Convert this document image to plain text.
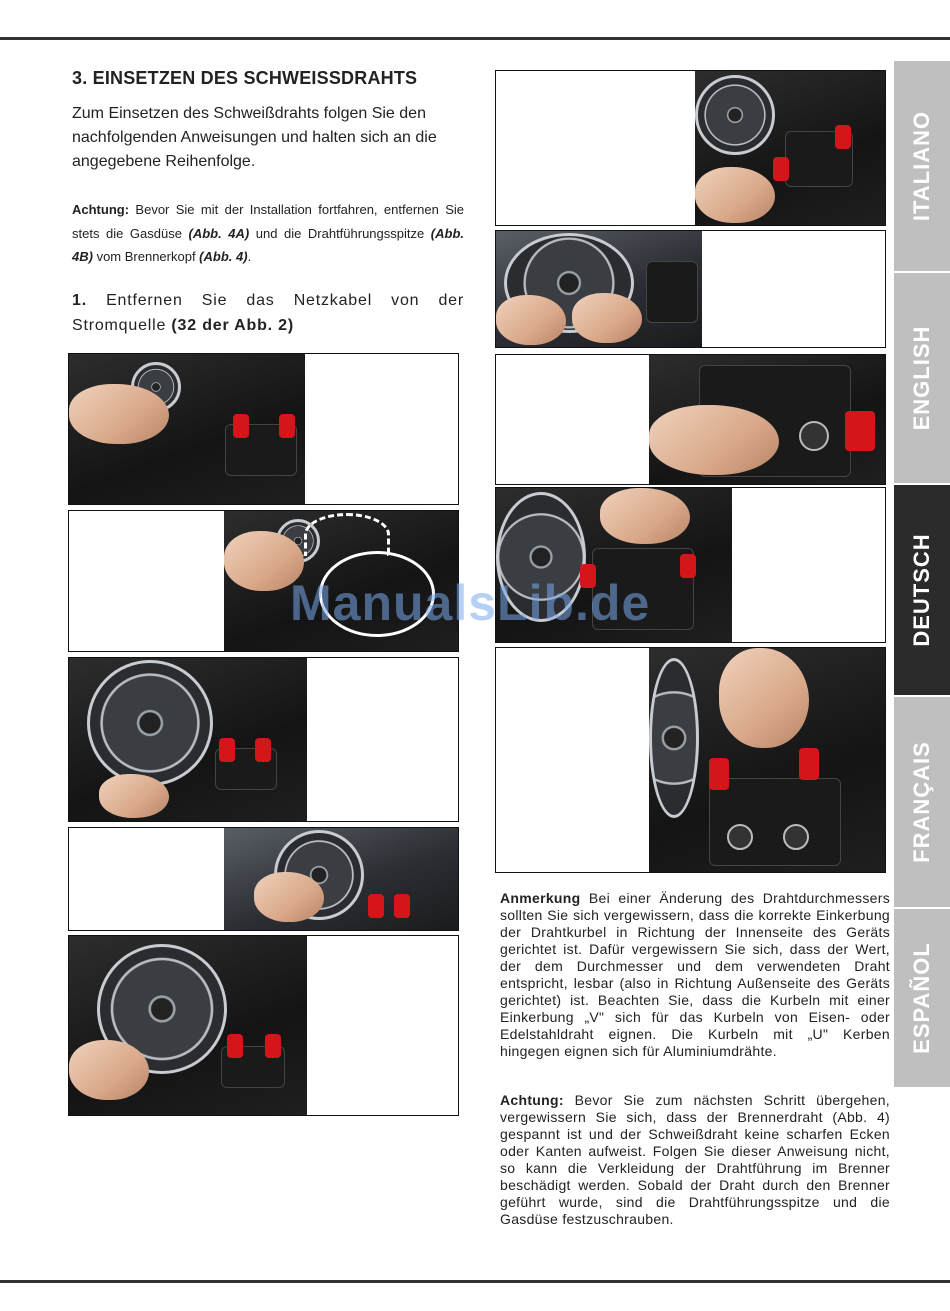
3. EINSETZEN DES SCHWEISSDRAHTS
Zum Einsetzen des Schweißdrahts folgen Sie den nachfolgenden Anweisungen und halten sich an die angegebene Reihenfolge.
Achtung: Bevor Sie mit der Installation fortfahren, entfernen Sie stets die Gasdüse (Abb. 4A) und die Drahtführungsspitze (Abb. 4B) vom Brennerkopf (Abb. 4).
1. Entfernen Sie das Netzkabel von der Stromquelle (32 der Abb. 2)
Anmerkung Bei einer Änderung des Drahtdurchmessers sollten Sie sich vergewissern, dass die korrekte Einkerbung der Drahtkurbel in Richtung der Innenseite des Geräts gerichtet ist. Dafür vergewissern Sie sich, dass der Wert, der dem Durchmesser und dem verwendeten Draht entspricht, lesbar (also in Richtung Außenseite des Geräts gerichtet) ist. Beachten Sie, dass die Kurbeln mit einer Einkerbung „V" sich für das Kurbeln von Eisen- oder Edelstahldraht eignen. Die Kurbeln mit „U" Kerben hingegen eignen sich für Aluminiumdrähte.
Achtung: Bevor Sie zum nächsten Schritt übergehen, vergewissern Sie sich, dass der Brennerdraht (Abb. 4) gespannt ist und der Schweißdraht keine scharfen Ecken oder Kanten aufweist. Folgen Sie dieser Anweisung nicht, so kann die Verkleidung der Drahtführung im Brenner beschädigt werden. Sobald der Draht durch den Brenner geführt wurde, sind die Drahtführungsspitze und die Gasdüse festzuschrauben.
ITALIANO
ENGLISH
DEUTSCH
FRANÇAIS
ESPAÑOL
ManualsLib.de
